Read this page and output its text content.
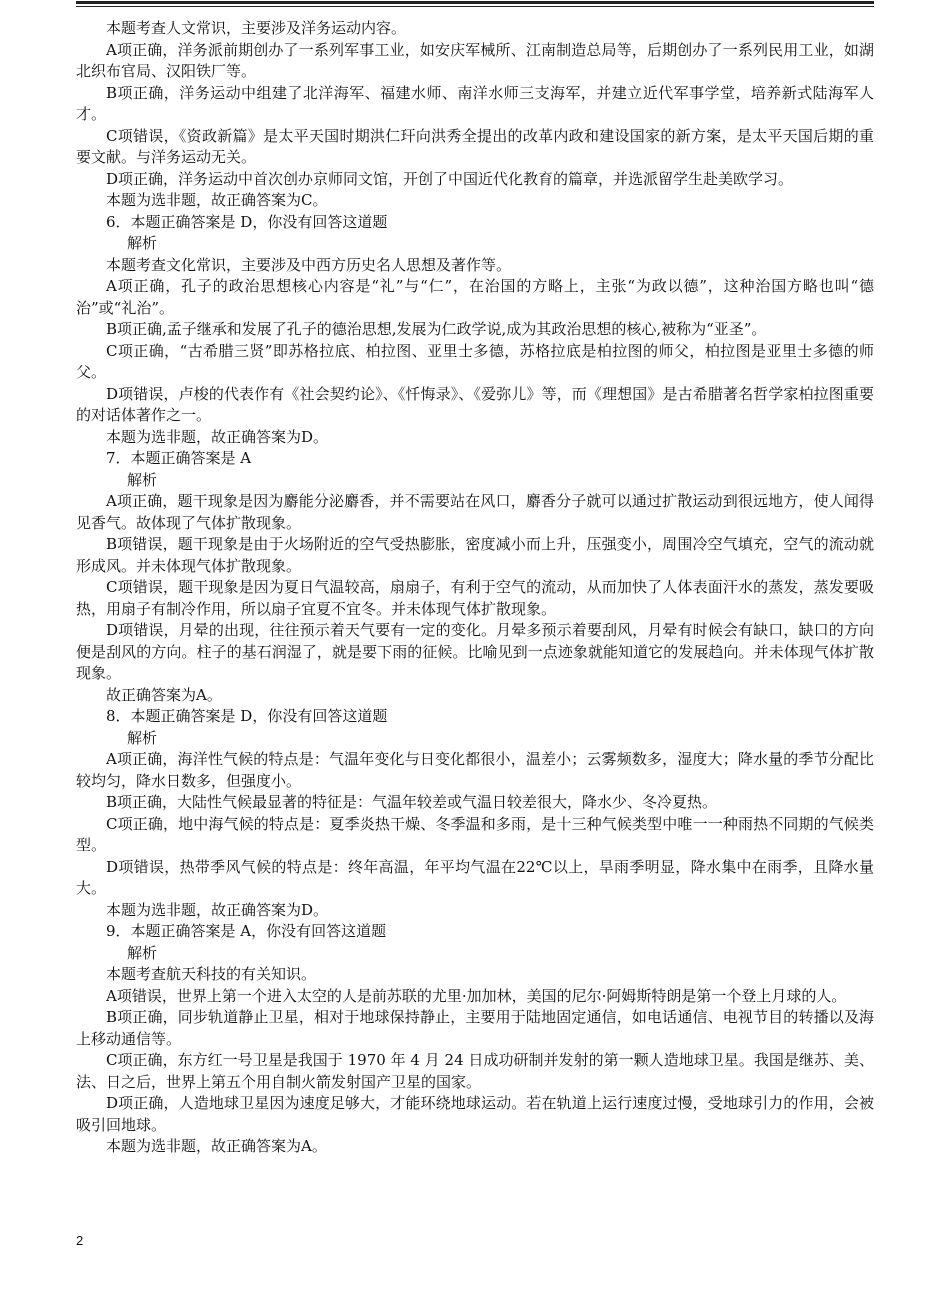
本题考查人文常识，主要涉及洋务运动内容。

A项正确，洋务派前期创办了一系列军事工业，如安庆军械所、江南制造总局等，后期创办了一系列民用工业，如湖北织布官局、汉阳铁厂等。

B项正确，洋务运动中组建了北洋海军、福建水师、南洋水师三支海军，并建立近代军事学堂，培养新式陆海军人才。

C项错误，《资政新篇》是太平天国时期洪仁玕向洪秀全提出的改革内政和建设国家的新方案，是太平天国后期的重要文献。与洋务运动无关。

D项正确，洋务运动中首次创办京师同文馆，开创了中国近代化教育的篇章，并选派留学生赴美欧学习。

本题为选非题，故正确答案为C。

6．本题正确答案是 D，你没有回答这道题

解析

本题考查文化常识，主要涉及中西方历史名人思想及著作等。

A项正确，孔子的政治思想核心内容是“礼”与“仁”，在治国的方略上，主张“为政以德”，这种治国方略也叫“德治”或“礼治”。

B项正确,孟子继承和发展了孔子的德治思想,发展为仁政学说,成为其政治思想的核心,被称为“亚圣”。

C项正确，“古希腊三贤”即苏格拉底、柏拉图、亚里士多德，苏格拉底是柏拉图的师父，柏拉图是亚里士多德的师父。

D项错误，卢梭的代表作有《社会契约论》、《忏悔录》、《爱弥儿》等，而《理想国》是古希腊著名哲学家柏拉图重要的对话体著作之一。

本题为选非题，故正确答案为D。

7．本题正确答案是 A

解析

A项正确，题干现象是因为麝能分泌麝香，并不需要站在风口，麝香分子就可以通过扩散运动到很远地方，使人闻得见香气。故体现了气体扩散现象。

B项错误，题干现象是由于火场附近的空气受热膨胀，密度减小而上升，压强变小，周围冷空气填充，空气的流动就形成风。并未体现气体扩散现象。

C项错误，题干现象是因为夏日气温较高，扇扇子，有利于空气的流动，从而加快了人体表面汗水的蒸发，蒸发要吸热，用扇子有制冷作用，所以扇子宜夏不宜冬。并未体现气体扩散现象。

D项错误，月晕的出现，往往预示着天气要有一定的变化。月晕多预示着要刮风，月晕有时候会有缺口，缺口的方向便是刮风的方向。柱子的基石润湿了，就是要下雨的征候。比喻见到一点迹象就能知道它的发展趋向。并未体现气体扩散现象。

故正确答案为A。

8．本题正确答案是 D，你没有回答这道题

解析

A项正确，海洋性气候的特点是：气温年变化与日变化都很小，温差小；云雾频数多，湿度大；降水量的季节分配比较均匀，降水日数多，但强度小。

B项正确，大陆性气候最显著的特征是：气温年较差或气温日较差很大，降水少、冬冷夏热。

C项正确，地中海气候的特点是：夏季炎热干燥、冬季温和多雨，是十三种气候类型中唯一一种雨热不同期的气候类型。

D项错误，热带季风气候的特点是：终年高温，年平均气温在22℃以上，旱雨季明显，降水集中在雨季，且降水量大。

本题为选非题，故正确答案为D。

9．本题正确答案是 A，你没有回答这道题

解析

本题考查航天科技的有关知识。

A项错误，世界上第一个进入太空的人是前苏联的尤里·加加林，美国的尼尔·阿姆斯特朗是第一个登上月球的人。

B项正确，同步轨道静止卫星，相对于地球保持静止，主要用于陆地固定通信，如电话通信、电视节目的转播以及海上移动通信等。

C项正确，东方红一号卫星是我国于 1970 年 4 月 24 日成功研制并发射的第一颗人造地球卫星。我国是继苏、美、法、日之后，世界上第五个用自制火箭发射国产卫星的国家。

D项正确，人造地球卫星因为速度足够大，才能环绕地球运动。若在轨道上运行速度过慢，受地球引力的作用，会被吸引回地球。

本题为选非题，故正确答案为A。

2
